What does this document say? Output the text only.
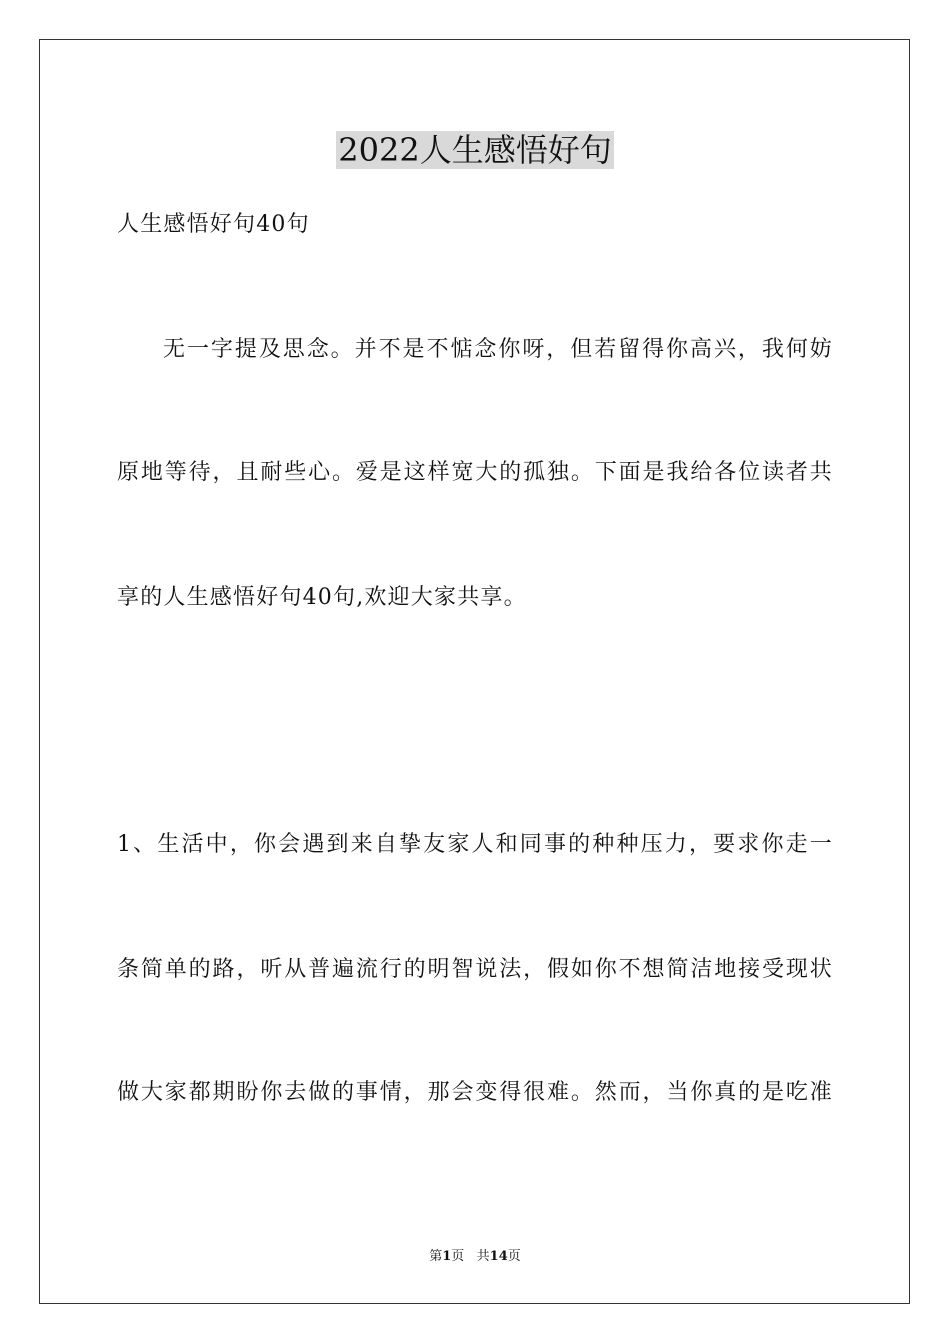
2022人生感悟好句
人生感悟好句40句
无一字提及思念。并不是不惦念你呀，但若留得你高兴，我何妨
原地等待，且耐些心。爱是这样宽大的孤独。下面是我给各位读者共
享的人生感悟好句40句,欢迎大家共享。
1、生活中，你会遇到来自挚友家人和同事的种种压力，要求你走一
条简单的路，听从普遍流行的明智说法，假如你不想简洁地接受现状
做大家都期盼你去做的事情，那会变得很难。然而，当你真的是吃准
第1页   共14页
